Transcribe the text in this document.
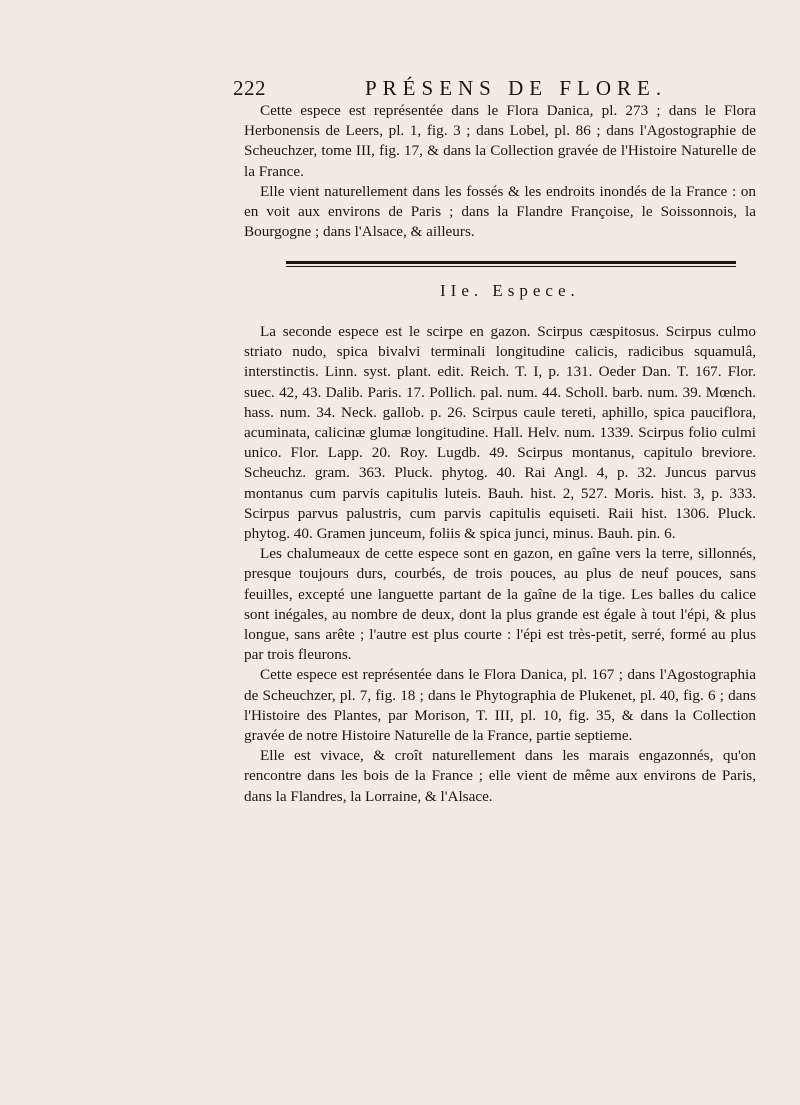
222	PRÉSENS DE FLORE.

Cette espece est représentée dans le Flora Danica, pl. 273 ; dans le Flora Herbonensis de Leers, pl. 1, fig. 3 ; dans Lobel, pl. 86 ; dans l'Agostographie de Scheuchzer, tome III, fig. 17, & dans la Collection gravée de l'Histoire Naturelle de la France.

Elle vient naturellement dans les fossés & les endroits inondés de la France : on en voit aux environs de Paris ; dans la Flandre Françoise, le Soissonnois, la Bourgogne ; dans l'Alsace, & ailleurs.

IIe. Espece.

La seconde espece est le scirpe en gazon. Scirpus cæspitosus. Scirpus culmo striato nudo, spica bivalvi terminali longitudine calicis, radicibus squamulâ, interstinctis. Linn. syst. plant. edit. Reich. T. I, p. 131. Oeder Dan. T. 167. Flor. suec. 42, 43. Dalib. Paris. 17. Pollich. pal. num. 44. Scholl. barb. num. 39. Mœnch. hass. num. 34. Neck. gallob. p. 26. Scirpus caule tereti, aphillo, spica pauciflora, acuminata, calicinæ glumæ longitudine. Hall. Helv. num. 1339. Scirpus folio culmi unico. Flor. Lapp. 20. Roy. Lugdb. 49. Scirpus montanus, capitulo breviore. Scheuchz. gram. 363. Pluck. phytog. 40. Rai Angl. 4, p. 32. Juncus parvus montanus cum parvis capitulis luteis. Bauh. hist. 2, 527. Moris. hist. 3, p. 333. Scirpus parvus palustris, cum parvis capitulis equiseti. Raii hist. 1306. Pluck. phytog. 40. Gramen junceum, foliis & spica junci, minus. Bauh. pin. 6.

Les chalumeaux de cette espece sont en gazon, en gaîne vers la terre, sillonnés, presque toujours durs, courbés, de trois pouces, au plus de neuf pouces, sans feuilles, excepté une languette partant de la gaîne de la tige. Les balles du calice sont inégales, au nombre de deux, dont la plus grande est égale à tout l'épi, & plus longue, sans arête ; l'autre est plus courte : l'épi est très-petit, serré, formé au plus par trois fleurons.

Cette espece est représentée dans le Flora Danica, pl. 167 ; dans l'Agostographia de Scheuchzer, pl. 7, fig. 18 ; dans le Phytographia de Plukenet, pl. 40, fig. 6 ; dans l'Histoire des Plantes, par Morison, T. III, pl. 10, fig. 35, & dans la Collection gravée de notre Histoire Naturelle de la France, partie septieme.

Elle est vivace, & croît naturellement dans les marais engazonnés, qu'on rencontre dans les bois de la France ; elle vient de même aux environs de Paris, dans la Flandres, la Lorraine, & l'Alsace.
